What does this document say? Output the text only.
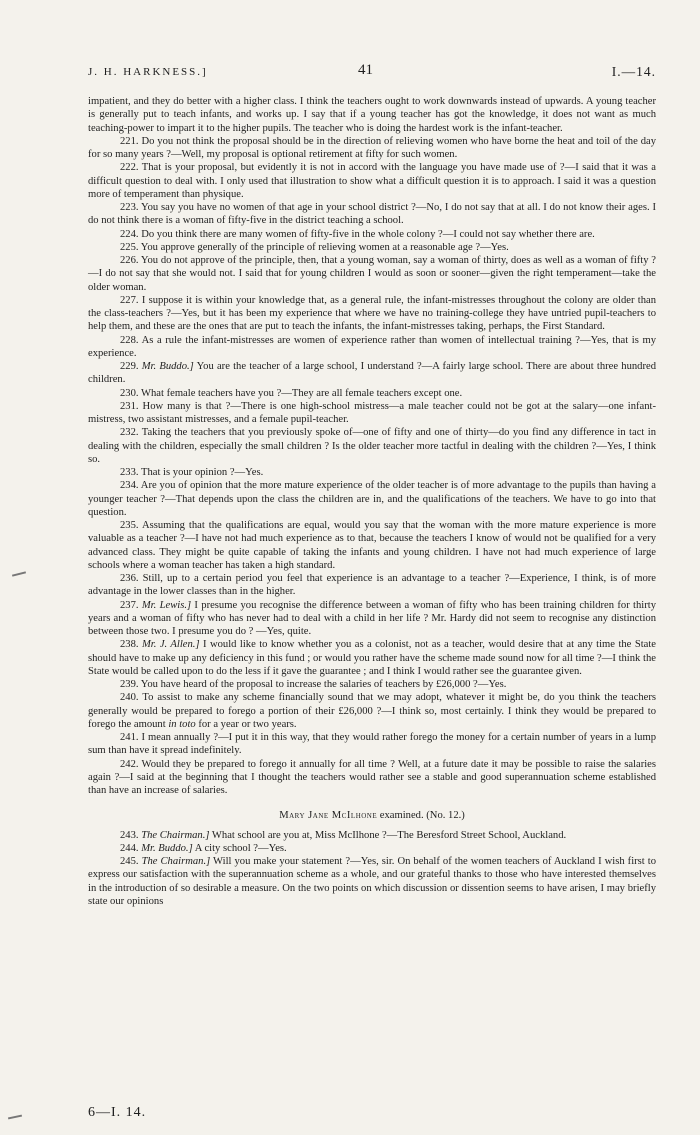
J. H. HARKNESS.]	41	I.—14.

impatient, and they do better with a higher class. I think the teachers ought to work downwards instead of upwards. A young teacher is generally put to teach infants, and works up. I say that if a young teacher has got the knowledge, it does not want as much teaching-power to impart it to the higher pupils. The teacher who is doing the hardest work is the infant-teacher.

221. Do you not think the proposal should be in the direction of relieving women who have borne the heat and toil of the day for so many years ?—Well, my proposal is optional retirement at fifty for such women.

222. That is your proposal, but evidently it is not in accord with the language you have made use of ?—I said that it was a difficult question to deal with. I only used that illustration to show what a difficult question it is to approach. I said it was a question more of temperament than physique.

223. You say you have no women of that age in your school district ?—No, I do not say that at all. I do not know their ages. I do not think there is a woman of fifty-five in the district teaching a school.

224. Do you think there are many women of fifty-five in the whole colony ?—I could not say whether there are.

225. You approve generally of the principle of relieving women at a reasonable age ?—Yes.

226. You do not approve of the principle, then, that a young woman, say a woman of thirty, does as well as a woman of fifty ?—I do not say that she would not. I said that for young children I would as soon or sooner—given the right temperament—take the older woman.

227. I suppose it is within your knowledge that, as a general rule, the infant-mistresses throughout the colony are older than the class-teachers ?—Yes, but it has been my experience that where we have no training-college they have untried pupil-teachers to help them, and these are the ones that are put to teach the infants, the infant-mistresses taking, perhaps, the First Standard.

228. As a rule the infant-mistresses are women of experience rather than women of intellectual training ?—Yes, that is my experience.

229. Mr. Buddo.] You are the teacher of a large school, I understand ?—A fairly large school. There are about three hundred children.

230. What female teachers have you ?—They are all female teachers except one.

231. How many is that ?—There is one high-school mistress—a male teacher could not be got at the salary—one infant-mistress, two assistant mistresses, and a female pupil-teacher.

232. Taking the teachers that you previously spoke of—one of fifty and one of thirty—do you find any difference in tact in dealing with the children, especially the small children ? Is the older teacher more tactful in dealing with the children ?—Yes, I think so.

233. That is your opinion ?—Yes.

234. Are you of opinion that the more mature experience of the older teacher is of more advantage to the pupils than having a younger teacher ?—That depends upon the class the children are in, and the qualifications of the teachers. We have to go into that question.

235. Assuming that the qualifications are equal, would you say that the woman with the more mature experience is more valuable as a teacher ?—I have not had much experience as to that, because the teachers I know of would not be qualified for a very advanced class. They might be quite capable of taking the infants and young children. I have not had much experience of large schools where a woman teacher has taken a high standard.

236. Still, up to a certain period you feel that experience is an advantage to a teacher ?—Experience, I think, is of more advantage in the lower classes than in the higher.

237. Mr. Lewis.] I presume you recognise the difference between a woman of fifty who has been training children for thirty years and a woman of fifty who has never had to deal with a child in her life ? Mr. Hardy did not seem to recognise any distinction between those two. I presume you do ? —Yes, quite.

238. Mr. J. Allen.] I would like to know whether you as a colonist, not as a teacher, would desire that at any time the State should have to make up any deficiency in this fund ; or would you rather have the scheme made sound now for all time ?—I think the State would be called upon to do the less if it gave the guarantee ; and I think I would rather see the guarantee given.

239. You have heard of the proposal to increase the salaries of teachers by £26,000 ?—Yes.

240. To assist to make any scheme financially sound that we may adopt, whatever it might be, do you think the teachers generally would be prepared to forego a portion of their £26,000 ?—I think so, most certainly. I think they would be prepared to forego the amount in toto for a year or two years.

241. I mean annually ?—I put it in this way, that they would rather forego the money for a certain number of years in a lump sum than have it spread indefinitely.

242. Would they be prepared to forego it annually for all time ? Well, at a future date it may be possible to raise the salaries again ?—I said at the beginning that I thought the teachers would rather see a stable and good superannuation scheme established than have an increase of salaries.

Mary Jane McIlhone examined. (No. 12.)

243. The Chairman.] What school are you at, Miss McIlhone ?—The Beresford Street School, Auckland.

244. Mr. Buddo.] A city school ?—Yes.

245. The Chairman.] Will you make your statement ?—Yes, sir. On behalf of the women teachers of Auckland I wish first to express our satisfaction with the superannuation scheme as a whole, and our grateful thanks to those who have interested themselves in the introduction of so desirable a measure. On the two points on which discussion or dissention seems to have arisen, I may briefly state our opinions

6—I. 14.
